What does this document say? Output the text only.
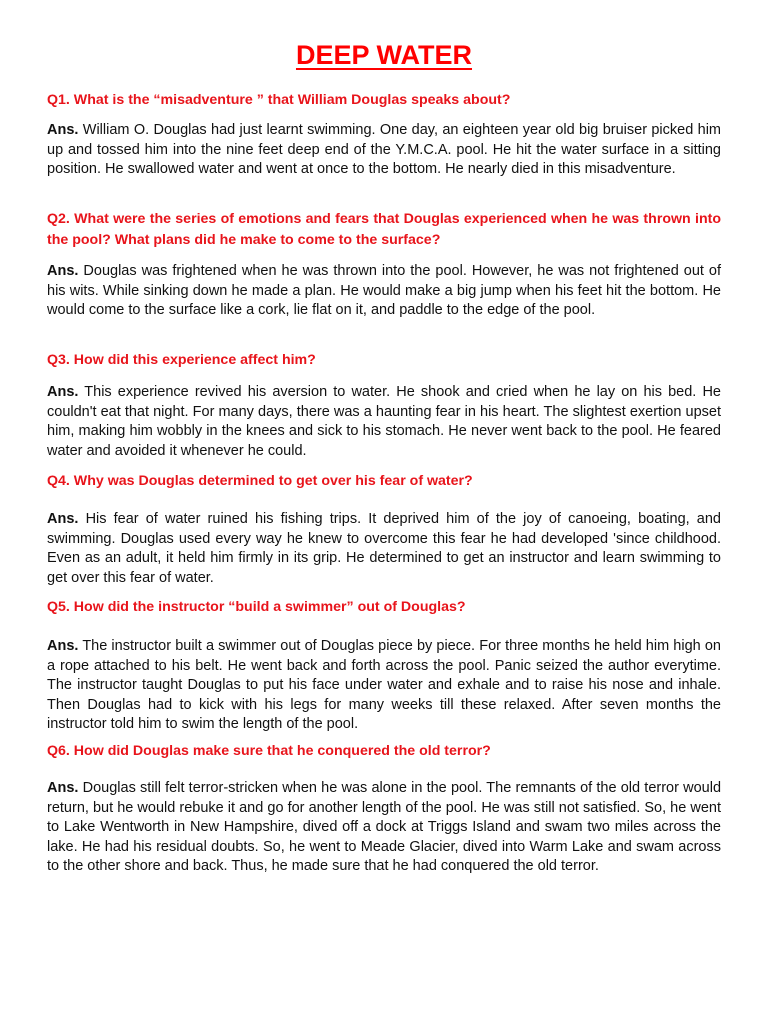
DEEP WATER
Q1. What is the “misadventure ” that William Douglas speaks about?
Ans. William O. Douglas had just learnt swimming. One day, an eighteen year old big bruiser picked him up and tossed him into the nine feet deep end of the Y.M.C.A. pool. He hit the water surface in a sitting position. He swallowed water and went at once to the bottom. He nearly died in this misadventure.
Q2. What were the series of emotions and fears that Douglas experienced when he was thrown into the pool? What plans did he make to come to the surface?
Ans. Douglas was frightened when he was thrown into the pool. However, he was not frightened out of his wits. While sinking down he made a plan. He would make a big jump when his feet hit the bottom. He would come to the surface like a cork, lie flat on it, and paddle to the edge of the pool.
Q3. How did this experience affect him?
Ans. This experience revived his aversion to water. He shook and cried when he lay on his bed. He couldn't eat that night. For many days, there was a haunting fear in his heart. The slightest exertion upset him, making him wobbly in the knees and sick to his stomach. He never went back to the pool. He feared water and avoided it whenever he could.
Q4. Why was Douglas determined to get over his fear of water?
Ans. His fear of water ruined his fishing trips. It deprived him of the joy of canoeing, boating, and swimming. Douglas used every way he knew to overcome this fear he had developed 'since childhood. Even as an adult, it held him firmly in its grip. He determined to get an instructor and learn swimming to get over this fear of water.
Q5. How did the instructor “build a swimmer” out of Douglas?
Ans. The instructor built a swimmer out of Douglas piece by piece. For three months he held him high on a rope attached to his belt. He went back and forth across the pool. Panic seized the author everytime. The instructor taught Douglas to put his face under water and exhale and to raise his nose and inhale. Then Douglas had to kick with his legs for many weeks till these relaxed. After seven months the instructor told him to swim the length of the pool.
Q6. How did Douglas make sure that he conquered the old terror?
Ans. Douglas still felt terror-stricken when he was alone in the pool. The remnants of the old terror would return, but he would rebuke it and go for another length of the pool. He was still not satisfied. So, he went to Lake Wentworth in New Hampshire, dived off a dock at Triggs Island and swam two miles across the lake. He had his residual doubts. So, he went to Meade Glacier, dived into Warm Lake and swam across to the other shore and back. Thus, he made sure that he had conquered the old terror.
